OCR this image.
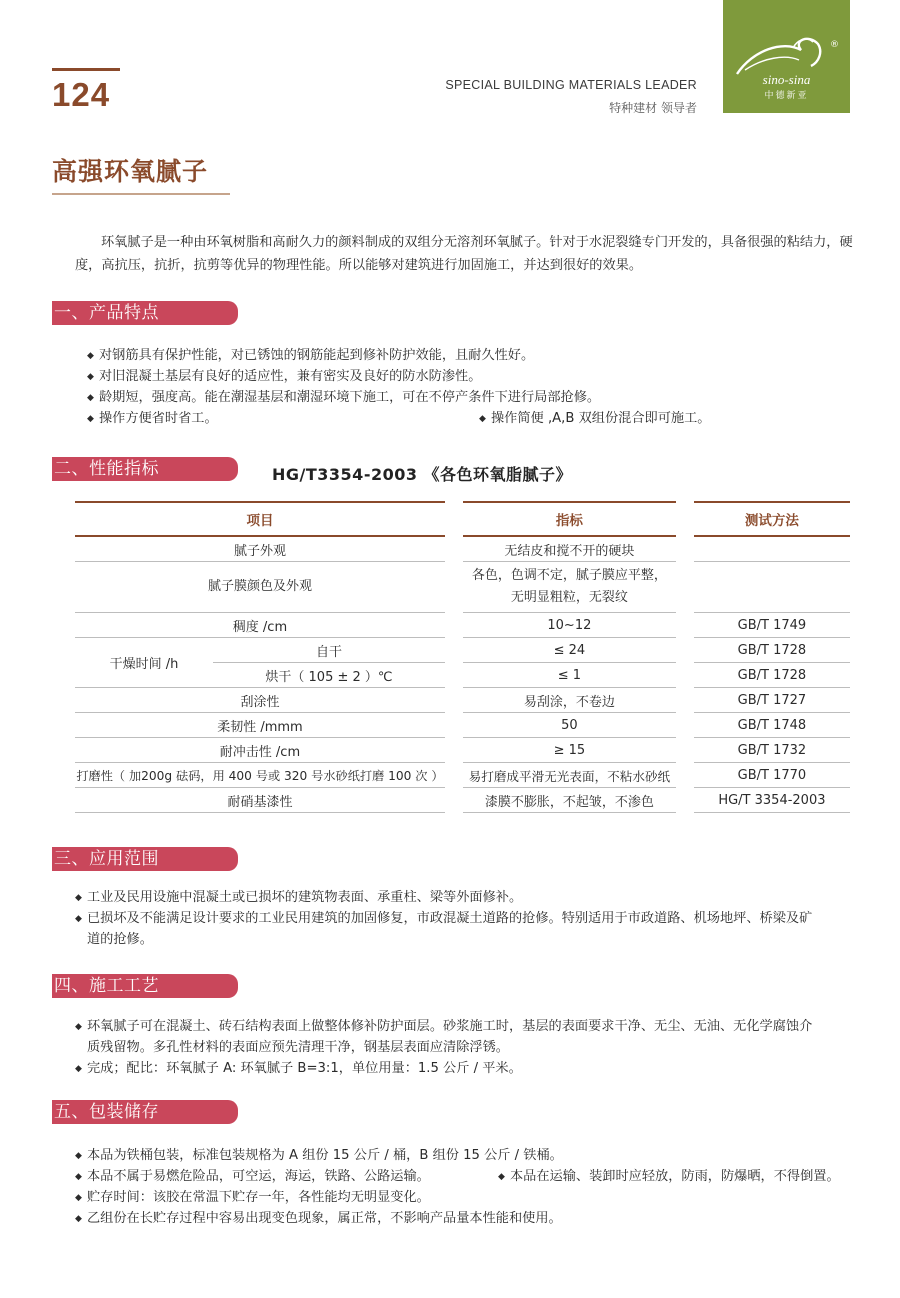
124	SPECIAL BUILDING MATERIALS LEADER
特种建材 领导者
®
sino-sina
中德新亚
高强环氧腻子
环氧腻子是一种由环氧树脂和高耐久力的颜料制成的双组分无溶剂环氧腻子。针对于水泥裂缝专门开发的，具备很强的粘结力，硬度，高抗压，抗折，抗剪等优异的物理性能。所以能够对建筑进行加固施工，并达到很好的效果。
一、产品特点
◆ 对钢筋具有保护性能，对已锈蚀的钢筋能起到修补防护效能，且耐久性好。
◆ 对旧混凝土基层有良好的适应性，兼有密实及良好的防水防渗性。
◆ 龄期短，强度高。能在潮湿基层和潮湿环境下施工，可在不停产条件下进行局部抢修。
◆ 操作方便省时省工。	◆ 操作简便 ,A,B 双组份混合即可施工。
二、性能指标	HG/T3354-2003 《各色环氧脂腻子》
项目			指标		测试方法
腻子外观			无结皮和搅不开的硬块		
腻子膜颜色及外观			各色，色调不定，腻子膜应平整，
无明显粗粒，无裂纹		

稠度 /cm			10~12		GB/T 1749
干燥时间 /h	自干		≤ 24		GB/T 1728
	烘干（ 105 ± 2 ）℃		≤ 1		GB/T 1728
刮涂性			易刮涂，不卷边		GB/T 1727
柔韧性 /mmm			50		GB/T 1748
耐冲击性 /cm			≥ 15		GB/T 1732
打磨性（ 加200g 砝码，用 400 号或 320 号水砂纸打磨 100 次 ）			易打磨成平滑无光表面，不粘水砂纸		GB/T 1770
耐硝基漆性			漆膜不膨胀，不起皱，不渗色		HG/T 3354-2003
三、应用范围
◆ 工业及民用设施中混凝土或已损坏的建筑物表面、承重柱、梁等外面修补。
◆ 已损坏及不能满足设计要求的工业民用建筑的加固修复，市政混凝土道路的抢修。特别适用于市政道路、机场地坪、桥梁及矿
道的抢修。
四、施工工艺
◆ 环氧腻子可在混凝土、砖石结构表面上做整体修补防护面层。砂浆施工时，基层的表面要求干净、无尘、无油、无化学腐蚀介
质残留物。多孔性材料的表面应预先清理干净，钢基层表面应清除浮锈。
◆ 完成；配比：环氧腻子 A: 环氧腻子 B=3:1，单位用量：1.5 公斤 / 平米。
五、包装储存
◆ 本品为铁桶包装，标准包装规格为 A 组份 15 公斤 / 桶，B 组份 15 公斤 / 铁桶。
◆ 本品不属于易燃危险品，可空运，海运，铁路、公路运输。	◆ 本品在运输、装卸时应轻放，防雨，防爆晒，不得倒置。
◆ 贮存时间：该胶在常温下贮存一年，各性能均无明显变化。
◆ 乙组份在长贮存过程中容易出现变色现象，属正常，不影响产品量本性能和使用。
